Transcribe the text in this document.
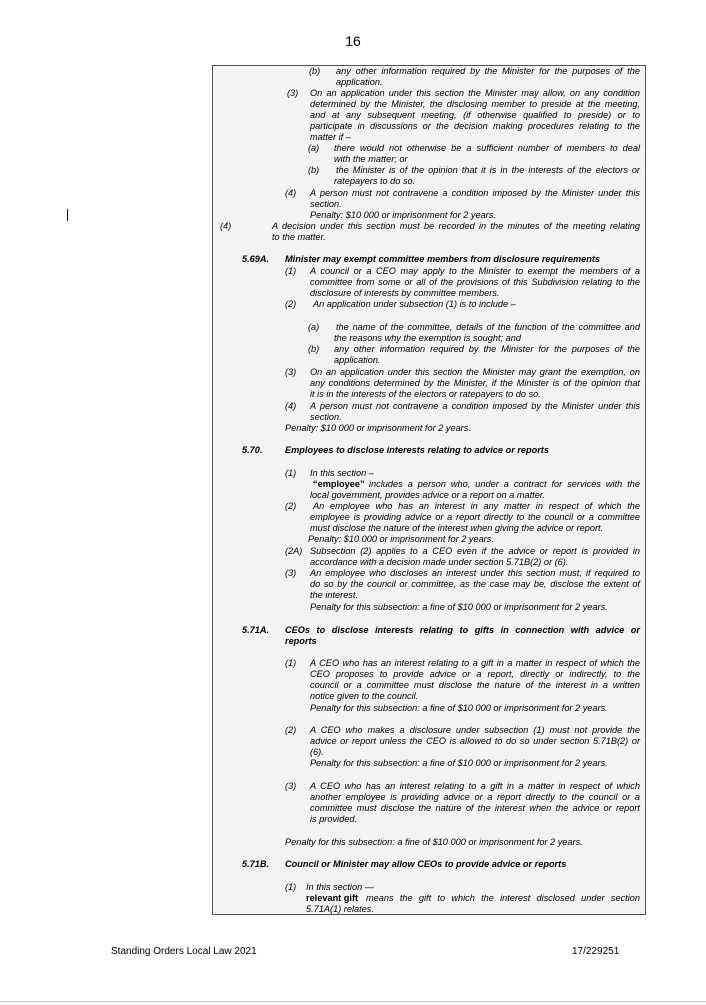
16
(b) any other information required by the Minister for the purposes of the
application.
(3) On an application under this section the Minister may allow, on any condition
determined by the Minister, the disclosing member to preside at the meeting,
and at any subsequent meeting, (if otherwise qualified to preside) or to
participate in discussions or the decision making procedures relating to the
matter if –
(a) there would not otherwise be a sufficient number of members to deal
with the matter; or
(b) the Minister is of the opinion that it is in the interests of the electors or
ratepayers to do so.
(4) A person must not contravene a condition imposed by the Minister under this
section.
Penalty: $10 000 or imprisonment for 2 years.
(4)	A decision under this section must be recorded in the minutes of the meeting relating
to the matter.
5.69A. Minister may exempt committee members from disclosure requirements
(1) A council or a CEO may apply to the Minister to exempt the members of a
committee from some or all of the provisions of this Subdivision relating to the
disclosure of interests by committee members.
(2) An application under subsection (1) is to include –
(a) the name of the committee, details of the function of the committee and
the reasons why the exemption is sought; and
(b) any other information required by the Minister for the purposes of the
application.
(3) On an application under this section the Minister may grant the exemption, on
any conditions determined by the Minister, if the Minister is of the opinion that
it is in the interests of the electors or ratepayers to do so.
(4) A person must not contravene a condition imposed by the Minister under this
section.
Penalty: $10 000 or imprisonment for 2 years.
5.70. Employees to disclose interests relating to advice or reports
(1) In this section –
“employee” includes a person who, under a contract for services with the
local government, provides advice or a report on a matter.
(2) An employee who has an interest in any matter in respect of which the
employee is providing advice or a report directly to the council or a committee
must disclose the nature of the interest when giving the advice or report.
Penalty: $10 000 or imprisonment for 2 years.
(2A) Subsection (2) applies to a CEO even if the advice or report is provided in
accordance with a decision made under section 5.71B(2) or (6).
(3) An employee who discloses an interest under this section must, if required to
do so by the council or committee, as the case may be, disclose the extent of
the interest.
Penalty for this subsection: a fine of $10 000 or imprisonment for 2 years.
5.71A. CEOs to disclose interests relating to gifts in connection with advice or
reports
(1) A CEO who has an interest relating to a gift in a matter in respect of which the
CEO proposes to provide advice or a report, directly or indirectly, to the
council or a committee must disclose the nature of the interest in a written
notice given to the council.
Penalty for this subsection: a fine of $10 000 or imprisonment for 2 years.
(2) A CEO who makes a disclosure under subsection (1) must not provide the
advice or report unless the CEO is allowed to do so under section 5.71B(2) or
(6).
Penalty for this subsection: a fine of $10 000 or imprisonment for 2 years.
(3) A CEO who has an interest relating to a gift in a matter in respect of which
another employee is providing advice or a report directly to the council or a
committee must disclose the nature of the interest when the advice or report
is provided.
Penalty for this subsection: a fine of $10 000 or imprisonment for 2 years.
5.71B. Council or Minister may allow CEOs to provide advice or reports
(1) In this section —
relevant gift means the gift to which the interest disclosed under section
5.71A(1) relates.
Standing Orders Local Law 2021	17/229251
